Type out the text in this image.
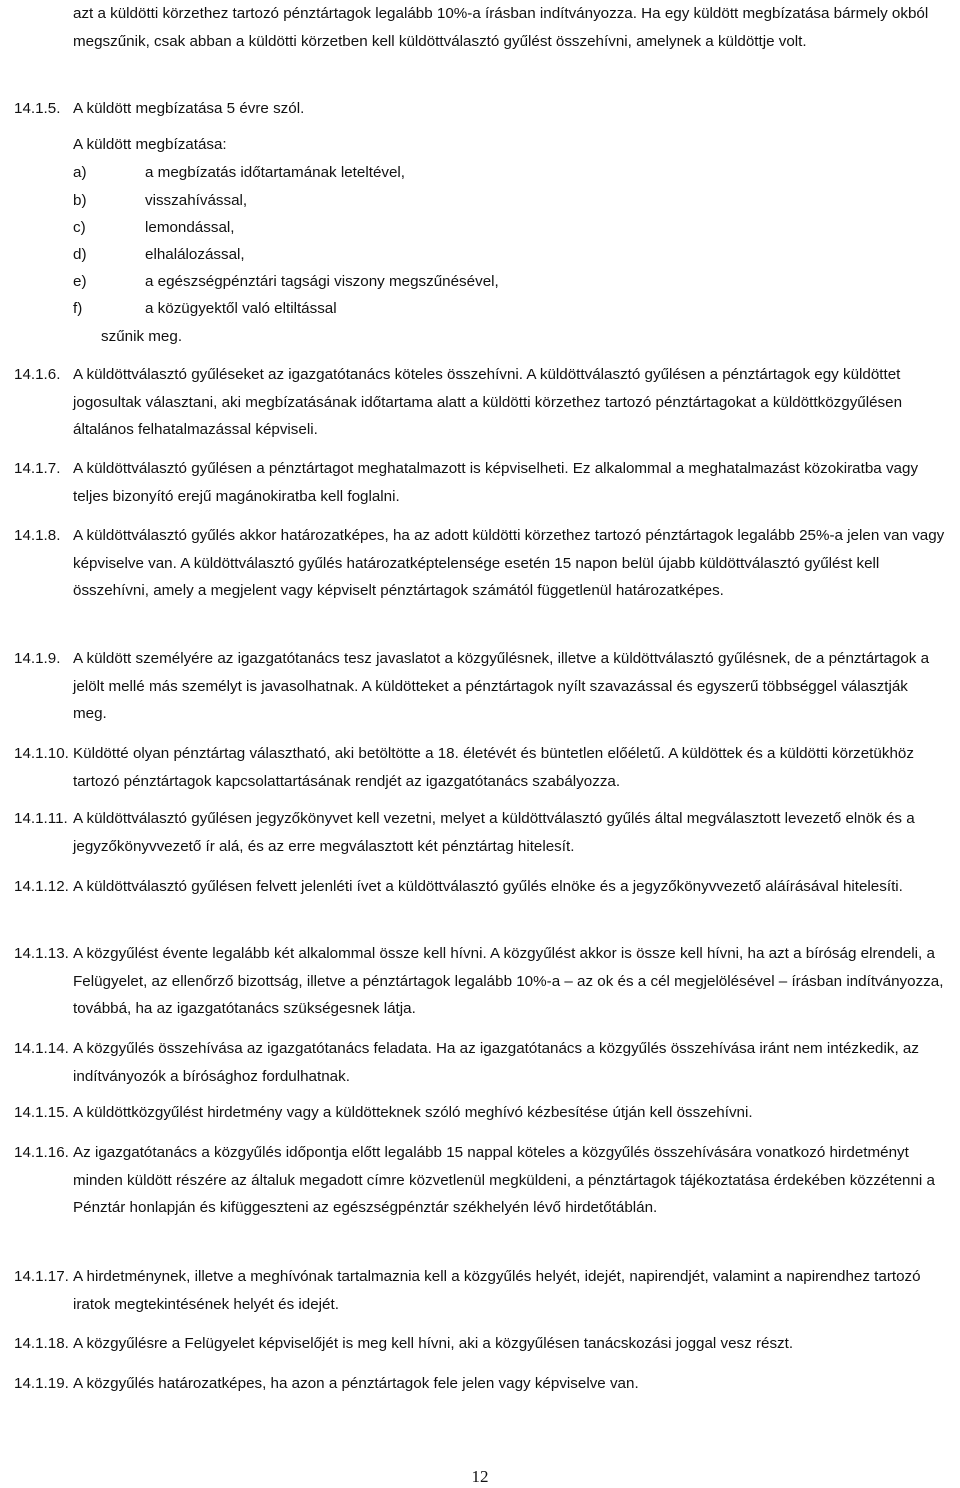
azt a küldötti körzethez tartozó pénztártagok legalább 10%-a írásban indítványozza. Ha egy küldött megbízatása bármely okból megszűnik, csak abban a küldötti körzetben kell küldöttválasztó gyűlést összehívni, amelynek a küldöttje volt.

14.1.5. A küldött megbízatása 5 évre szól.
A küldött megbízatása:
a)	a megbízatás időtartamának leteltével,
b)	visszahívással,
c)	lemondással,
d)	elhalálozással,
e)	a egészségpénztári tagsági viszony megszűnésével,
f)	a közügyektől való eltiltással
szűnik meg.
14.1.6. A küldöttválasztó gyűléseket az igazgatótanács köteles összehívni. A küldöttválasztó gyűlésen a pénztártagok egy küldöttet jogosultak választani, aki megbízatásának időtartama alatt a küldötti körzethez tartozó pénztártagokat a küldöttközgyűlésen általános felhatalmazással képviseli.
14.1.7. A küldöttválasztó gyűlésen a pénztártagot meghatalmazott is képviselheti. Ez alkalommal a meghatalmazást közokiratba vagy teljes bizonyító erejű magánokiratba kell foglalni.
14.1.8. A küldöttválasztó gyűlés akkor határozatképes, ha az adott küldötti körzethez tartozó pénztártagok legalább 25%-a jelen van vagy képviselve van. A küldöttválasztó gyűlés határozatképtelensége esetén 15 napon belül újabb küldöttválasztó gyűlést kell összehívni, amely a megjelent vagy képviselt pénztártagok számától függetlenül határozatképes.
14.1.9. A küldött személyére az igazgatótanács tesz javaslatot a közgyűlésnek, illetve a küldöttválasztó gyűlésnek, de a pénztártagok a jelölt mellé más személyt is javasolhatnak. A küldötteket a pénztártagok nyílt szavazással és egyszerű többséggel választják meg.
14.1.10. Küldötté olyan pénztártag választható, aki betöltötte a 18. életévét és büntetlen előéletű. A küldöttek és a küldötti körzetükhöz tartozó pénztártagok kapcsolattartásának rendjét az igazgatótanács szabályozza.
14.1.11. A küldöttválasztó gyűlésen jegyzőkönyvet kell vezetni, melyet a küldöttválasztó gyűlés által megválasztott levezető elnök és a jegyzőkönyvvezető ír alá, és az erre megválasztott két pénztártag hitelesít.
14.1.12. A küldöttválasztó gyűlésen felvett jelenléti ívet a küldöttválasztó gyűlés elnöke és a jegyzőkönyvvezető aláírásával hitelesíti.
14.1.13. A közgyűlést évente legalább két alkalommal össze kell hívni. A közgyűlést akkor is össze kell hívni, ha azt a bíróság elrendeli, a Felügyelet, az ellenőrző bizottság, illetve a pénztártagok legalább 10%-a – az ok és a cél megjelölésével – írásban indítványozza, továbbá, ha az igazgatótanács szükségesnek látja.
14.1.14. A közgyűlés összehívása az igazgatótanács feladata. Ha az igazgatótanács a közgyűlés összehívása iránt nem intézkedik, az indítványozók a bírósághoz fordulhatnak.
14.1.15. A küldöttközgyűlést hirdetmény vagy a küldötteknek szóló meghívó kézbesítése útján kell összehívni.
14.1.16. Az igazgatótanács a közgyűlés időpontja előtt legalább 15 nappal köteles a közgyűlés összehívására vonatkozó hirdetményt minden küldött részére az általuk megadott címre közvetlenül megküldeni, a pénztártagok tájékoztatása érdekében közzétenni a Pénztár honlapján és kifüggeszteni az egészségpénztár székhelyén lévő hirdetőtáblán.
14.1.17. A hirdetménynek, illetve a meghívónak tartalmaznia kell a közgyűlés helyét, idejét, napirendjét, valamint a napirendhez tartozó iratok megtekintésének helyét és idejét.
14.1.18. A közgyűlésre a Felügyelet képviselőjét is meg kell hívni, aki a közgyűlésen tanácskozási joggal vesz részt.
14.1.19. A közgyűlés határozatképes, ha azon a pénztártagok fele jelen vagy képviselve van.
12
